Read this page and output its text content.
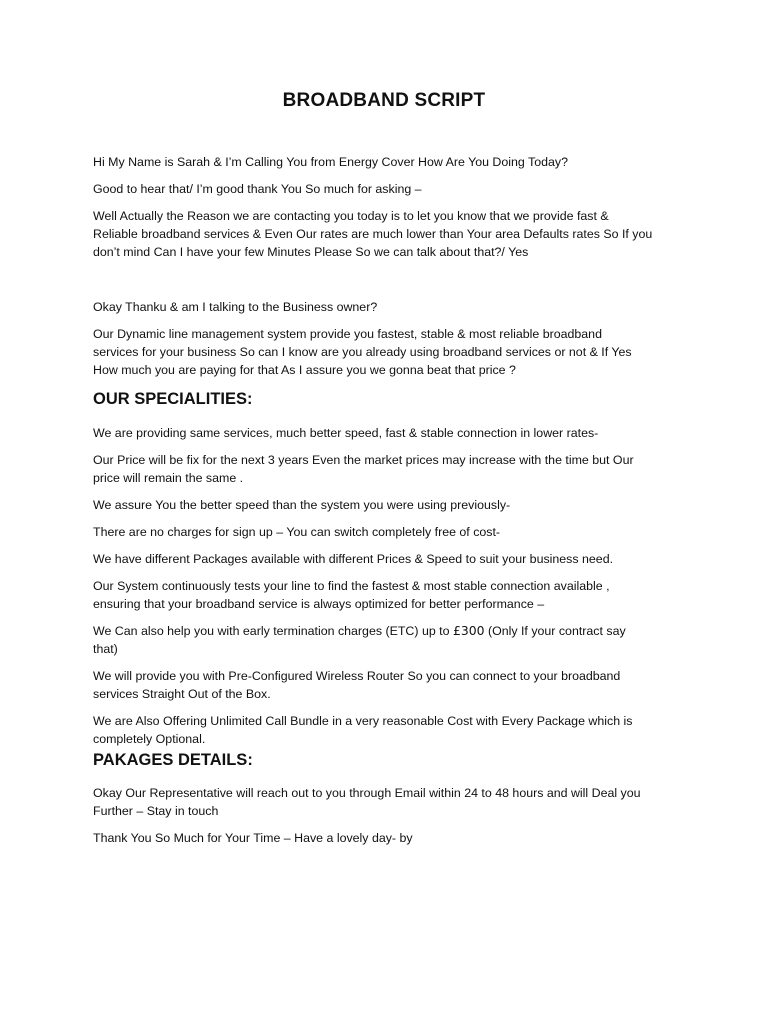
BROADBAND SCRIPT

Hi My Name is Sarah & I’m Calling You from Energy Cover How Are You Doing Today?

Good to hear that/ I’m good thank You So much for asking –

Well Actually the Reason we are contacting you today is to let you know that we provide fast &
Reliable broadband services & Even Our rates are much lower than Your area Defaults rates So If you
don’t mind Can I have your few Minutes Please So we can talk about that?/ Yes

Okay Thanku & am I talking to the Business owner?

Our Dynamic line management system provide you fastest, stable & most reliable broadband
services for your business So can I know are you already using broadband services or not & If Yes
How much you are paying for that As I assure you we gonna beat that price ?

OUR SPECIALITIES:

We are providing same services, much better speed, fast & stable connection in lower rates-

Our Price will be fix for the next 3 years Even the market prices may increase with the time but Our
price will remain the same .

We assure You the better speed than the system you were using previously-

There are no charges for sign up – You can switch completely free of cost-

We have different Packages available with different Prices & Speed to suit your business need.

Our System continuously tests your line to find the fastest & most stable connection available ,
ensuring that your broadband service is always optimized for better performance –

We Can also help you with early termination charges (ETC) up to £300 (Only If your contract say
that)

We will provide you with Pre-Configured Wireless Router So you can connect to your broadband
services Straight Out of the Box.

We are Also Offering Unlimited Call Bundle in a very reasonable Cost with Every Package which is
completely Optional.

PAKAGES DETAILS:

Okay Our Representative will reach out to you through Email within 24 to 48 hours and will Deal you
Further – Stay in touch

Thank You So Much for Your Time – Have a lovely day- by
